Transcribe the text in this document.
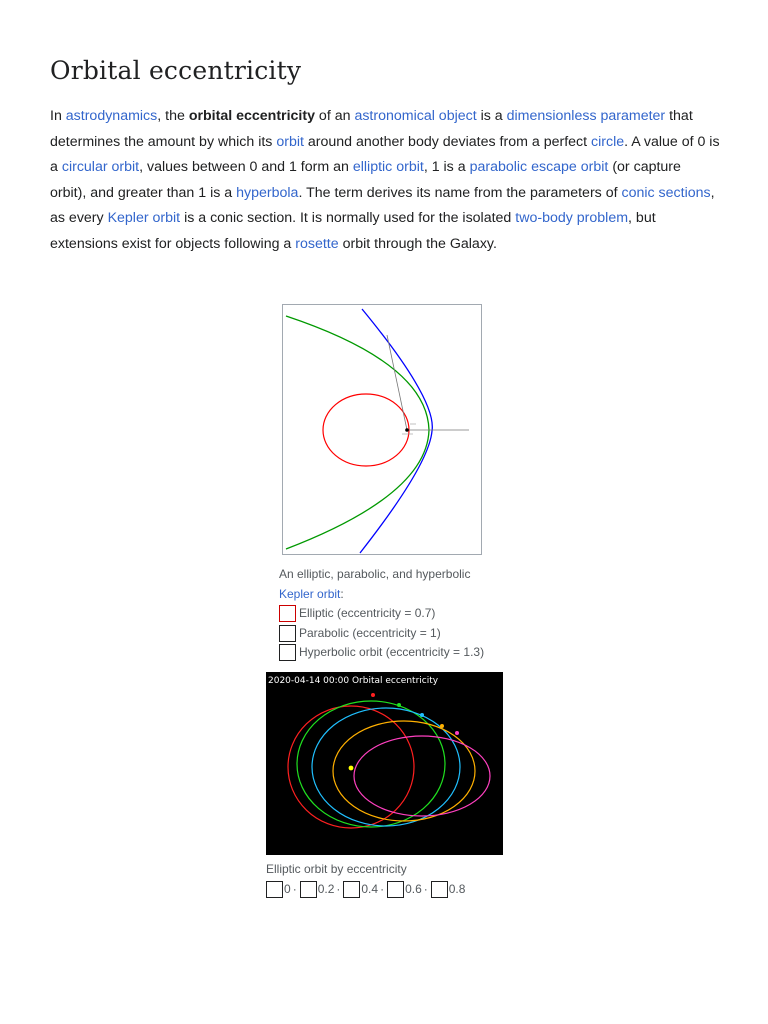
Orbital eccentricity

In astrodynamics, the orbital eccentricity of an astronomical object is a dimensionless parameter that determines the amount by which its orbit around another body deviates from a perfect circle. A value of 0 is a circular orbit, values between 0 and 1 form an elliptic orbit, 1 is a parabolic escape orbit (or capture orbit), and greater than 1 is a hyperbola. The term derives its name from the parameters of conic sections, as every Kepler orbit is a conic section. It is normally used for the isolated two-body problem, but extensions exist for objects following a rosette orbit through the Galaxy.

An elliptic, parabolic, and hyperbolic
Kepler orbit:
Elliptic (eccentricity = 0.7)
Parabolic (eccentricity = 1)
Hyperbolic orbit (eccentricity = 1.3)
2020-04-14 00:00 Orbital eccentricity
Elliptic orbit by eccentricity
0 · 0.2 · 0.4 · 0.6 · 0.8
